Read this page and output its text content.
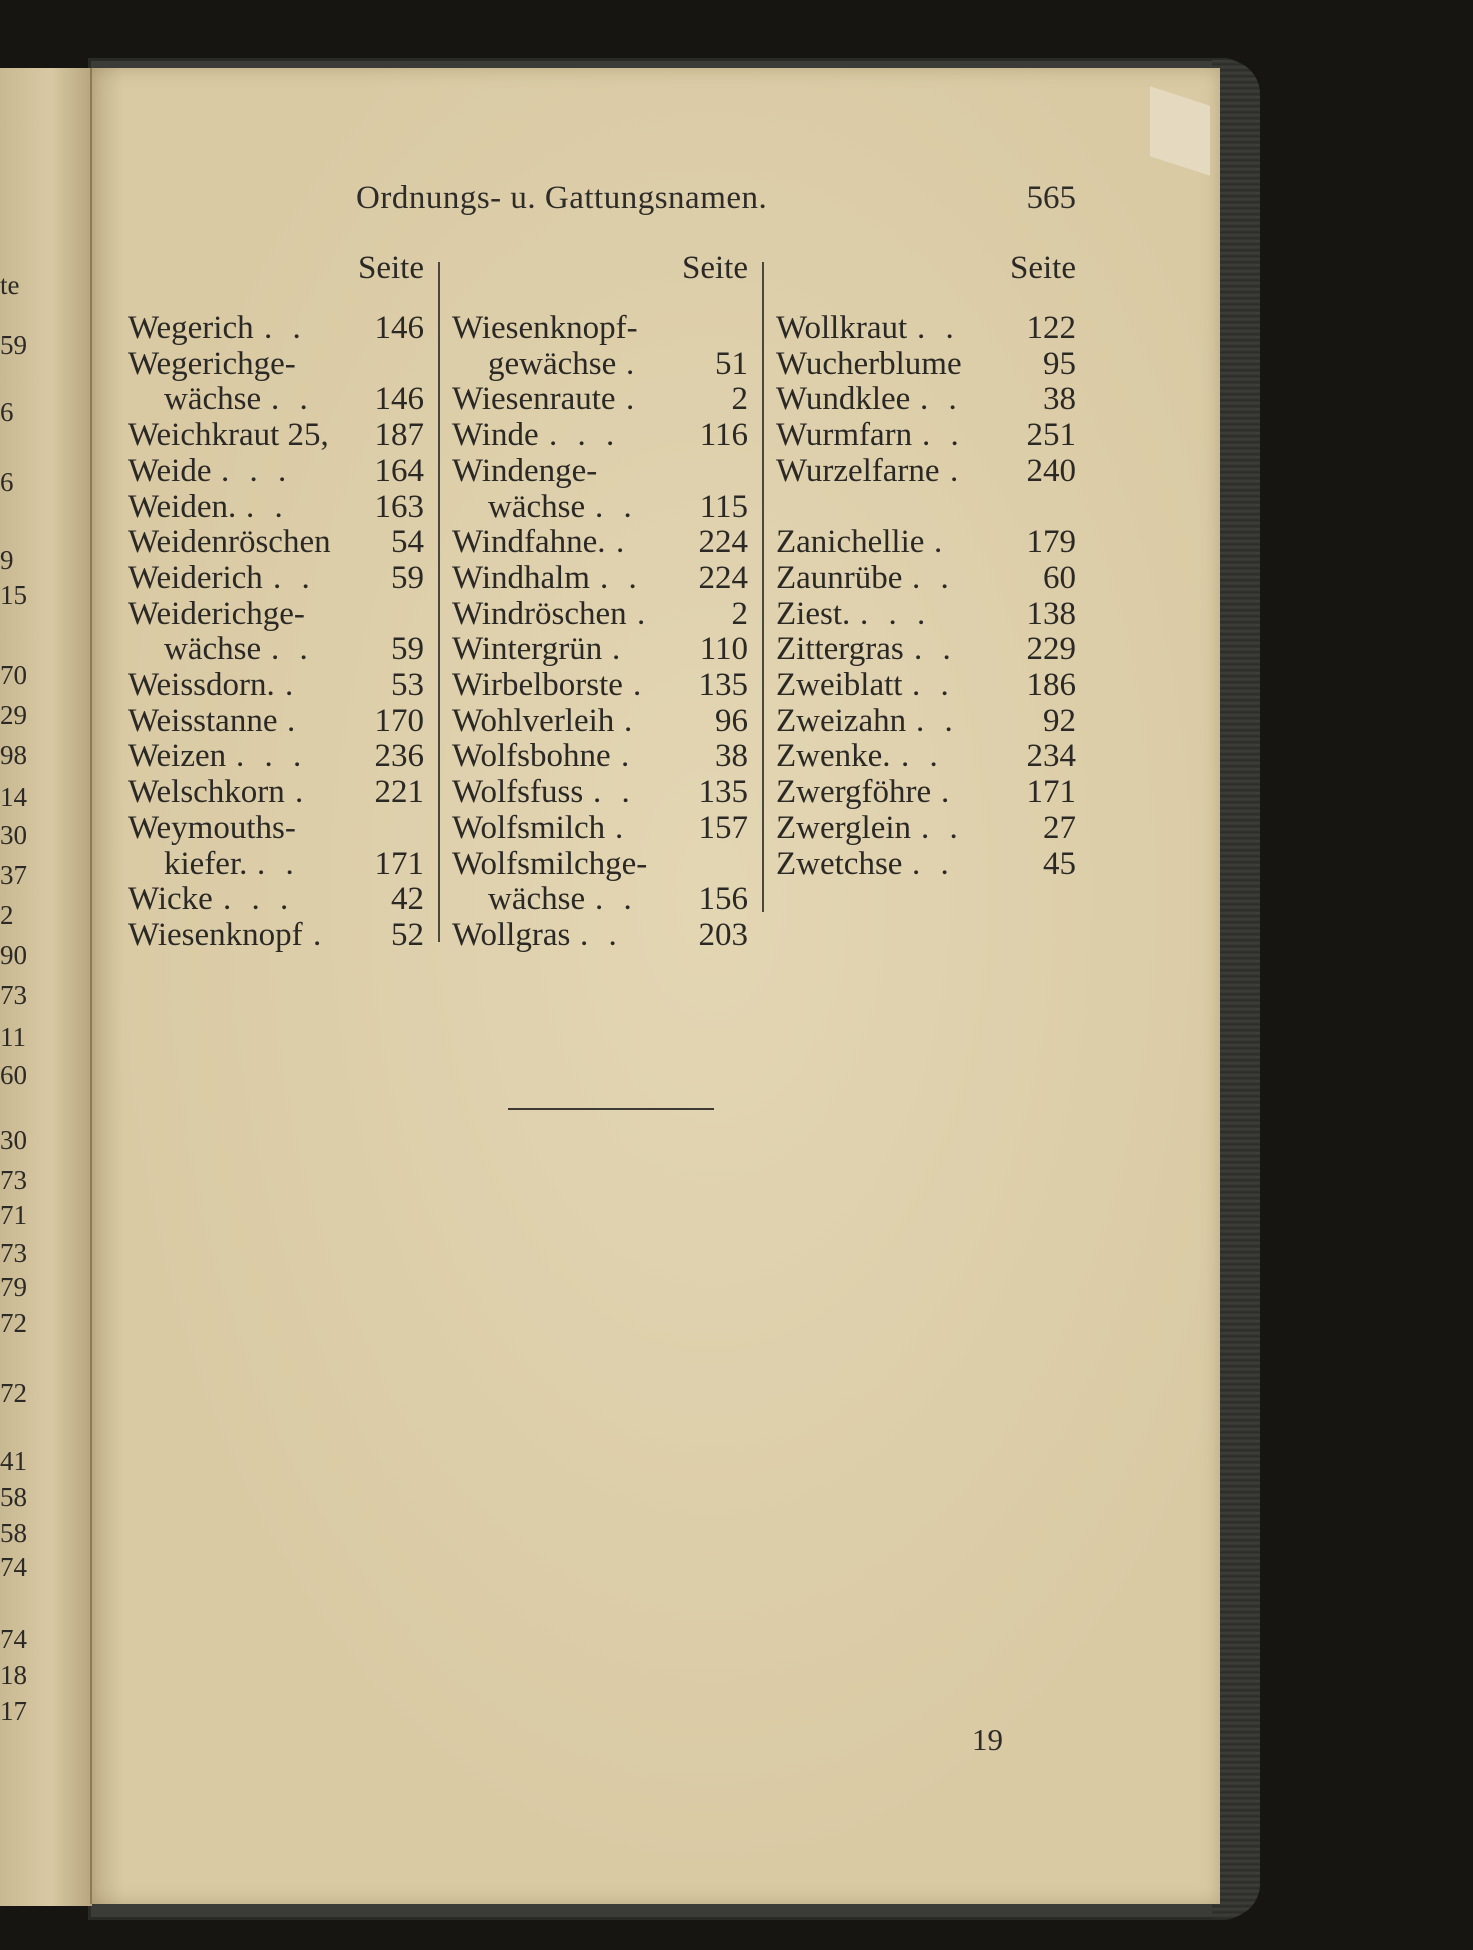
te
59
6
6
9
15
70
29
98
14
30
37
2
90
73
11
60
30
73
71
73
79
72
72
41
58
58
74
74
18
17
Ordnungs- u. Gattungsnamen.	565
Seite
Wegerich . . 146
Wegerichge-
wächse . . 146
Weichkraut 25, 187
Weide . . . 164
Weiden. . .	163
Weidenröschen 54
Weiderich . . 59
Weiderichge-
wächse . . 59
Weissdorn. .	53
Weisstanne . 170
Weizen . . . 236
Welschkorn . 221
Weymouths-
kiefer. . . 171
Wicke . . .	42
Wiesenknopf . 52
Seite
Wiesenknopf-
gewächse . 51
Wiesenraute .	2
Winde . . . 116
Windenge-
wächse . . 115
Windfahne. . 224
Windhalm . . 224
Windröschen . 2
Wintergrün . 110
Wirbelborste . 135
Wohlverleih . 96
Wolfsbohne . 38
Wolfsfuss . . 135
Wolfsmilch . 157
Wolfsmilchge-
wächse . . 156
Wollgras . . 203
Seite
Wollkraut . . 122
Wucherblume 95
Wundklee . . 38
Wurmfarn . . 251
Wurzelfarne . 240
Zanichellie . 179
Zaunrübe . .	60
Ziest. . . .	138
Zittergras . . 229
Zweiblatt . . 186
Zweizahn . .	92
Zwenke. . .	234
Zwergföhre . 171
Zwerglein . . 27
Zwetchse . .	45
19
